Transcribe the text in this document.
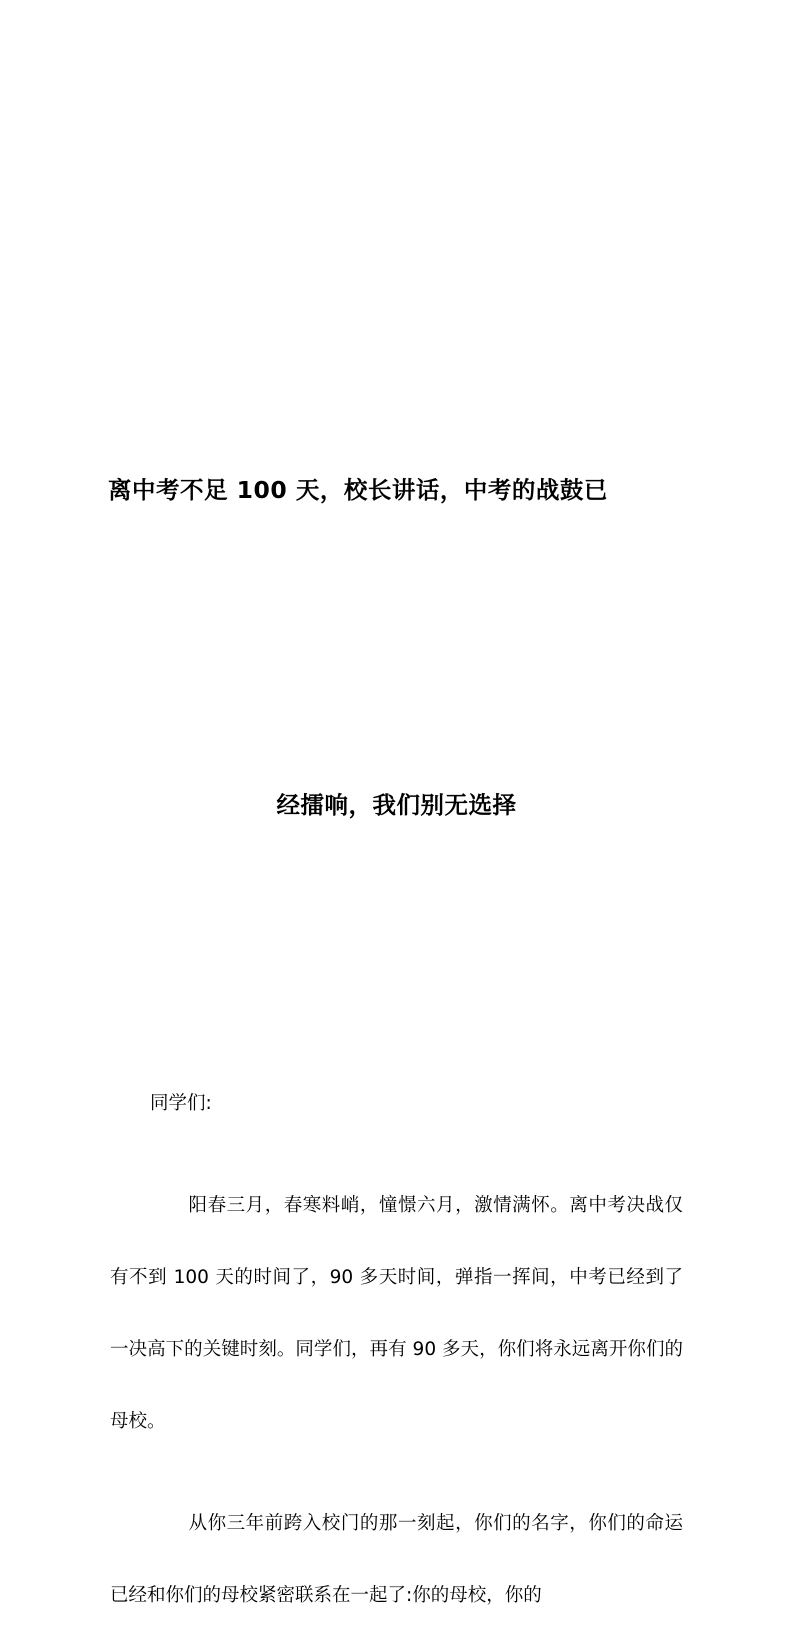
离中考不足 100 天，校长讲话，中考的战鼓已

经擂响，我们别无选择

同学们:

阳春三月，春寒料峭，憧憬六月，激情满怀。离中考决战仅有不到 100 天的时间了，90 多天时间，弹指一挥间，中考已经到了一决高下的关键时刻。同学们，再有 90 多天，你们将永远离开你们的母校。

从你三年前跨入校门的那一刻起，你们的名字，你们的命运已经和你们的母校紧密联系在一起了:你的母校，你的
